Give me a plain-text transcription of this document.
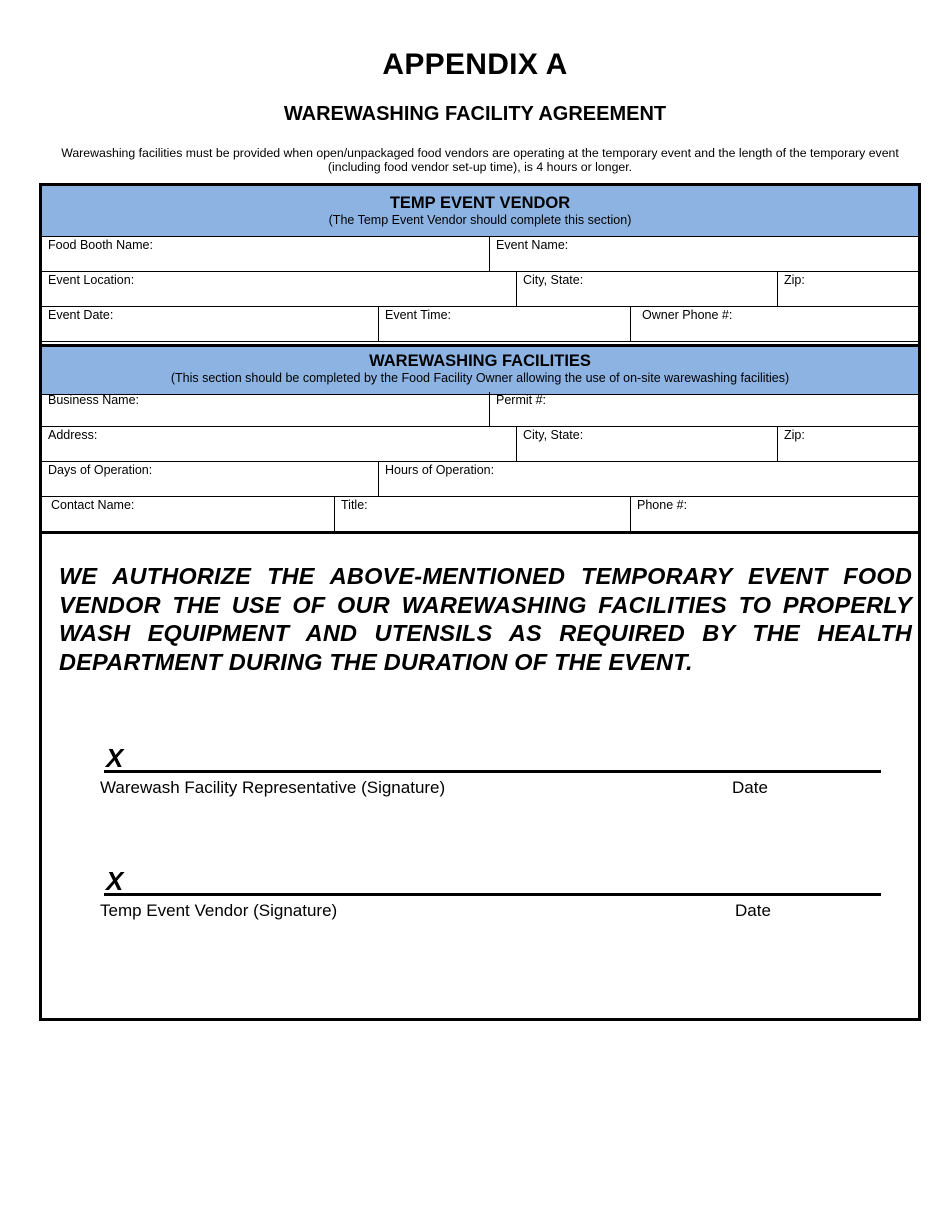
APPENDIX A
WAREWASHING FACILITY AGREEMENT
Warewashing facilities must be provided when open/unpackaged food vendors are operating at the temporary event and the length of the temporary event
(including food vendor set-up time), is 4 hours or longer.
TEMP EVENT VENDOR
(The Temp Event Vendor should complete this section)
Food Booth Name:	Event Name:
Event Location:	City, State:	Zip:
Event Date:	Event Time:	Owner Phone #:
WAREWASHING FACILITIES
(This section should be completed by the Food Facility Owner allowing the use of on-site warewashing facilities)
Business Name:	Permit #:
Address:	City, State:	Zip:
Days of Operation:	Hours of Operation:
Contact Name:	Title:	Phone #:
WE AUTHORIZE THE ABOVE-MENTIONED TEMPORARY EVENT FOOD VENDOR THE USE OF OUR WAREWASHING FACILITIES TO PROPERLY WASH EQUIPMENT AND UTENSILS AS REQUIRED BY THE HEALTH DEPARTMENT DURING THE DURATION OF THE EVENT.
X
Warewash Facility Representative (Signature)	Date
X
Temp Event Vendor (Signature)	Date
